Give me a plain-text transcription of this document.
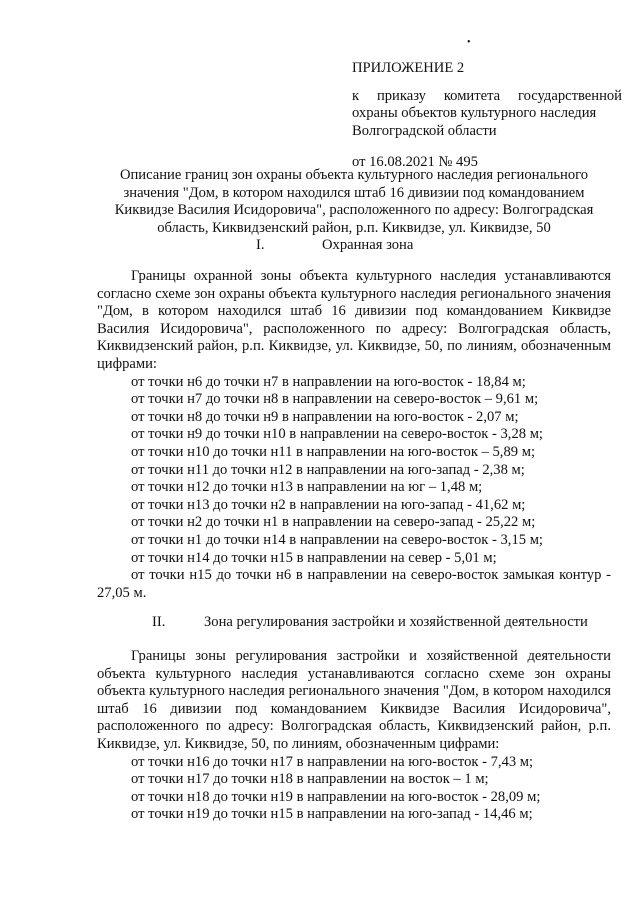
•
ПРИЛОЖЕНИЕ 2
к приказу комитета государственной
охраны объектов культурного наследия
Волгоградской области
от 16.08.2021 № 495
Описание границ зон охраны объекта культурного наследия регионального
значения "Дом, в котором находился штаб 16 дивизии под командованием
Киквидзе Василия Исидоровича", расположенного по адресу: Волгоградская
область, Киквидзенский район, р.п. Киквидзе, ул. Киквидзе, 50
I.	Охранная зона
Границы охранной зоны объекта культурного наследия устанавливаются согласно схеме зон охраны объекта культурного наследия регионального значения "Дом, в котором находился штаб 16 дивизии под командованием Киквидзе Василия Исидоровича", расположенного по адресу: Волгоградская область, Киквидзенский район, р.п. Киквидзе, ул. Киквидзе, 50, по линиям, обозначенным цифрами:
от точки н6 до точки н7 в направлении на юго-восток - 18,84 м;
от точки н7 до точки н8 в направлении на северо-восток – 9,61 м;
от точки н8 до точки н9 в направлении на юго-восток - 2,07 м;
от точки н9 до точки н10 в направлении на северо-восток - 3,28 м;
от точки н10 до точки н11 в направлении на юго-восток – 5,89 м;
от точки н11 до точки н12 в направлении на юго-запад - 2,38 м;
от точки н12 до точки н13 в направлении на юг – 1,48 м;
от точки н13 до точки н2 в направлении на юго-запад - 41,62 м;
от точки н2 до точки н1 в направлении на северо-запад - 25,22 м;
от точки н1 до точки н14 в направлении на северо-восток - 3,15 м;
от точки н14 до точки н15 в направлении на север - 5,01 м;
от точки н15 до точки н6 в направлении на северо-восток замыкая контур - 27,05 м.
II.	Зона регулирования застройки и хозяйственной деятельности
Границы зоны регулирования застройки и хозяйственной деятельности объекта культурного наследия устанавливаются согласно схеме зон охраны объекта культурного наследия регионального значения "Дом, в котором находился штаб 16 дивизии под командованием Киквидзе Василия Исидоровича", расположенного по адресу: Волгоградская область, Киквидзенский район, р.п. Киквидзе, ул. Киквидзе, 50, по линиям, обозначенным цифрами:
от точки н16 до точки н17 в направлении на юго-восток - 7,43 м;
от точки н17 до точки н18 в направлении на восток – 1 м;
от точки н18 до точки н19 в направлении на юго-восток - 28,09 м;
от точки н19 до точки н15 в направлении на юго-запад - 14,46 м;
